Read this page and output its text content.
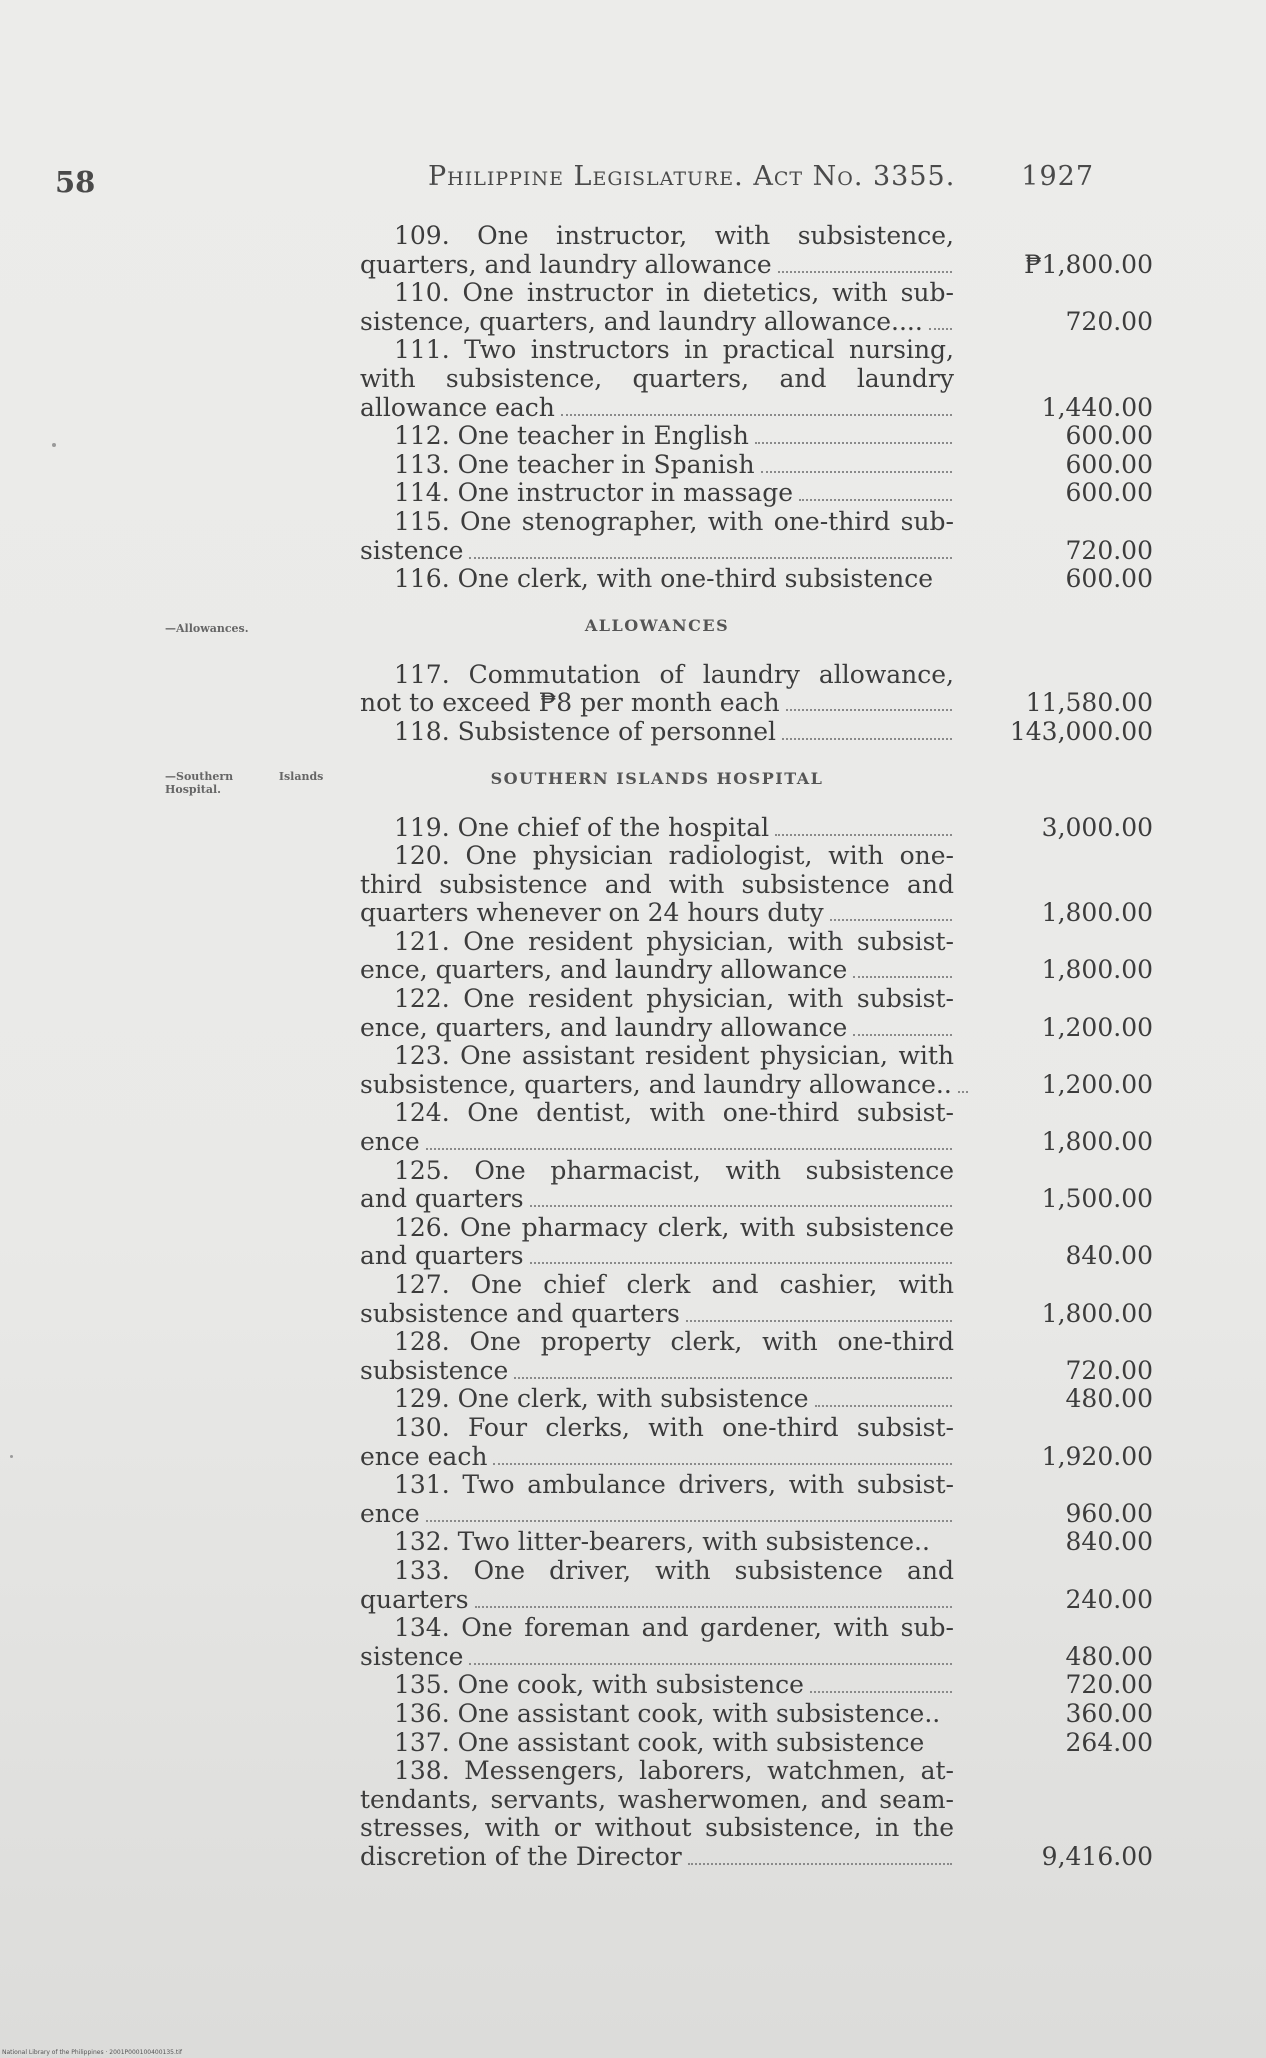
58	Philippine Legislature. Act No. 3355. 1927
—Allowances.
—Southern	Islands
Hospital.
109. One instructor, with subsistence,
quarters, and laundry allowance	₱1,800.00
110. One instructor in dietetics, with sub-
sistence, quarters, and laundry allowance....	720.00
111. Two instructors in practical nursing,
with subsistence, quarters, and laundry
allowance each	1,440.00
112. One teacher in English	600.00
113. One teacher in Spanish	600.00
114. One instructor in massage	600.00
115. One stenographer, with one-third sub-
sistence	720.00
116. One clerk, with one-third subsistence	600.00
ALLOWANCES
117. Commutation of laundry allowance,
not to exceed ₱8 per month each	11,580.00
118. Subsistence of personnel	143,000.00
SOUTHERN ISLANDS HOSPITAL
119. One chief of the hospital	3,000.00
120. One physician radiologist, with one-
third subsistence and with subsistence and
quarters whenever on 24 hours duty	1,800.00
121. One resident physician, with subsist-
ence, quarters, and laundry allowance	1,800.00
122. One resident physician, with subsist-
ence, quarters, and laundry allowance	1,200.00
123. One assistant resident physician, with
subsistence, quarters, and laundry allowance..	1,200.00
124. One dentist, with one-third subsist-
ence	1,800.00
125. One pharmacist, with subsistence
and quarters	1,500.00
126. One pharmacy clerk, with subsistence
and quarters	840.00
127. One chief clerk and cashier, with
subsistence and quarters	1,800.00
128. One property clerk, with one-third
subsistence	720.00
129. One clerk, with subsistence	480.00
130. Four clerks, with one-third subsist-
ence each	1,920.00
131. Two ambulance drivers, with subsist-
ence	960.00
132. Two litter-bearers, with subsistence..	840.00
133. One driver, with subsistence and
quarters	240.00
134. One foreman and gardener, with sub-
sistence	480.00
135. One cook, with subsistence	720.00
136. One assistant cook, with subsistence..	360.00
137. One assistant cook, with subsistence	264.00
138. Messengers, laborers, watchmen, at-
tendants, servants, washerwomen, and seam-
stresses, with or without subsistence, in the
discretion of the Director	9,416.00
National Library of the Philippines · 2001P000100400135.tif
